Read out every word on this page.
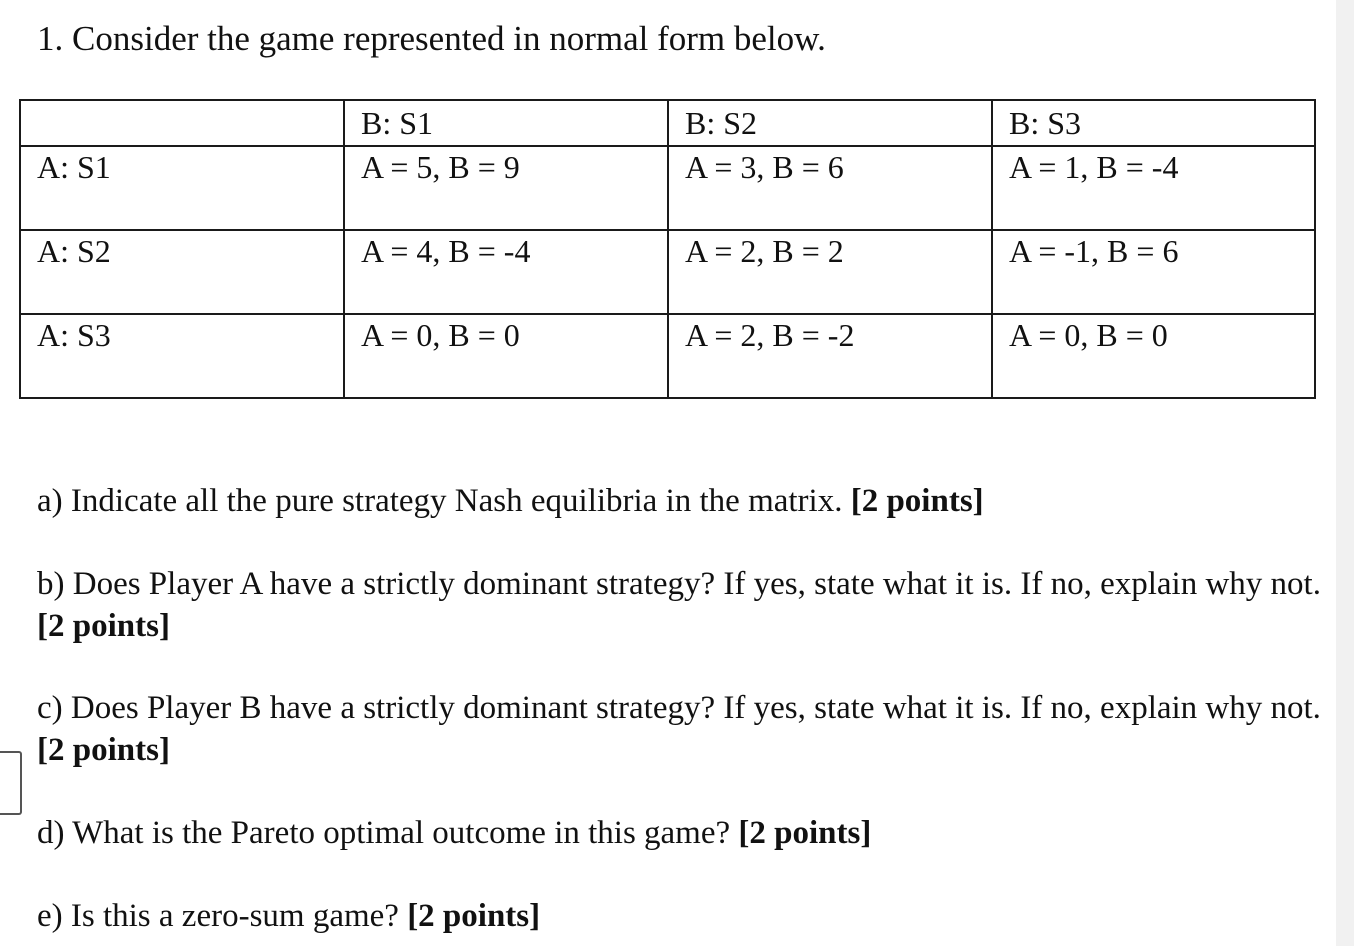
1. Consider the game represented in normal form below.
	B: S1	B: S2	B: S3
A: S1	A = 5, B = 9	A = 3, B = 6	A = 1, B = -4
A: S2	A = 4, B = -4	A = 2, B = 2	A = -1, B = 6
A: S3	A = 0, B = 0	A = 2, B = -2	A = 0, B = 0

a) Indicate all the pure strategy Nash equilibria in the matrix. [2 points]

b) Does Player A have a strictly dominant strategy? If yes, state what it is. If no, explain why not. [2 points]

c) Does Player B have a strictly dominant strategy? If yes, state what it is. If no, explain why not. [2 points]

d) What is the Pareto optimal outcome in this game? [2 points]

e) Is this a zero-sum game? [2 points]
